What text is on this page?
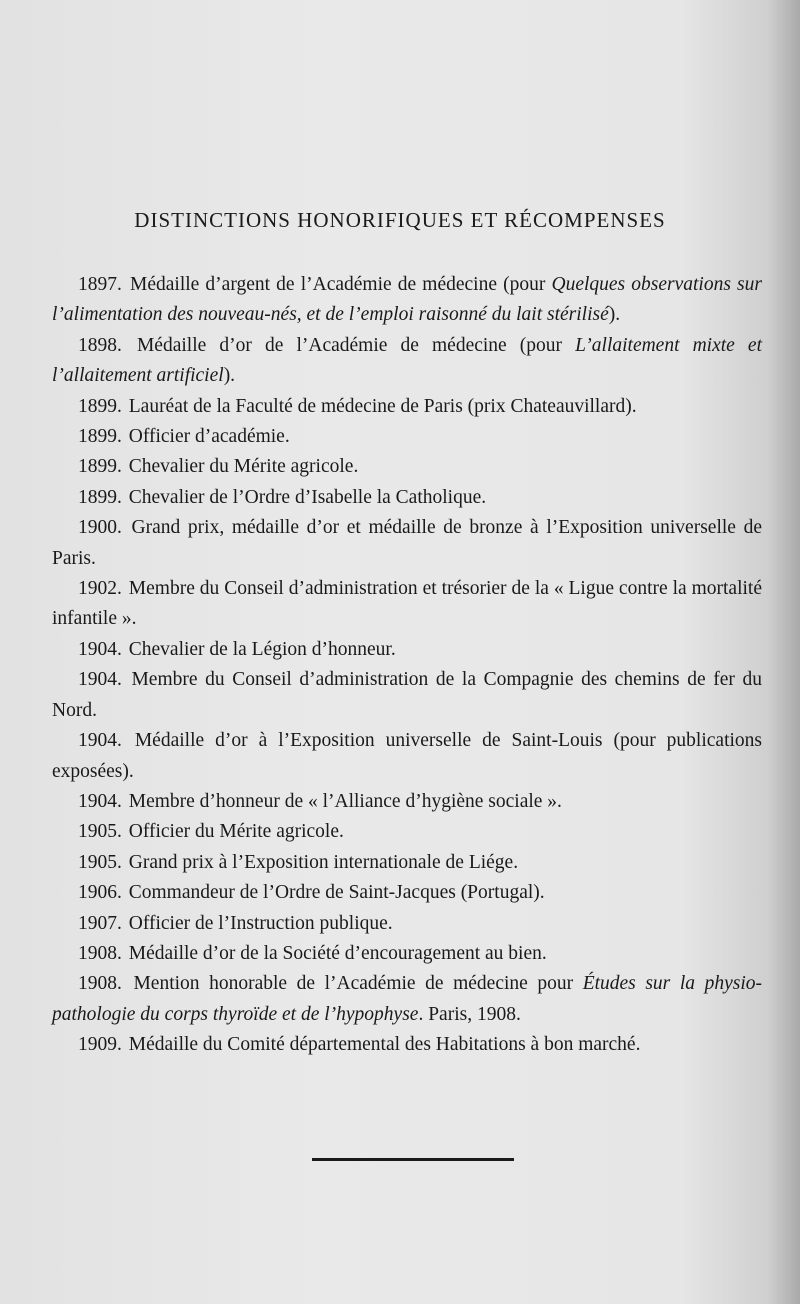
DISTINCTIONS HONORIFIQUES ET RÉCOMPENSES

1897. Médaille d’argent de l’Académie de médecine (pour Quelques observations sur l’alimentation des nouveau-nés, et de l’emploi raisonné du lait stérilisé).

1898. Médaille d’or de l’Académie de médecine (pour L’allaitement mixte et l’allaitement artificiel).

1899. Lauréat de la Faculté de médecine de Paris (prix Chateauvillard).

1899. Officier d’académie.

1899. Chevalier du Mérite agricole.

1899. Chevalier de l’Ordre d’Isabelle la Catholique.

1900. Grand prix, médaille d’or et médaille de bronze à l’Exposition universelle de Paris.

1902. Membre du Conseil d’administration et trésorier de la « Ligue contre la mortalité infantile ».

1904. Chevalier de la Légion d’honneur.

1904. Membre du Conseil d’administration de la Compagnie des chemins de fer du Nord.

1904. Médaille d’or à l’Exposition universelle de Saint-Louis (pour publications exposées).

1904. Membre d’honneur de « l’Alliance d’hygiène sociale ».

1905. Officier du Mérite agricole.

1905. Grand prix à l’Exposition internationale de Liége.

1906. Commandeur de l’Ordre de Saint-Jacques (Portugal).

1907. Officier de l’Instruction publique.

1908. Médaille d’or de la Société d’encouragement au bien.

1908. Mention honorable de l’Académie de médecine pour Études sur la physio-pathologie du corps thyroïde et de l’hypophyse. Paris, 1908.

1909. Médaille du Comité départemental des Habitations à bon marché.
